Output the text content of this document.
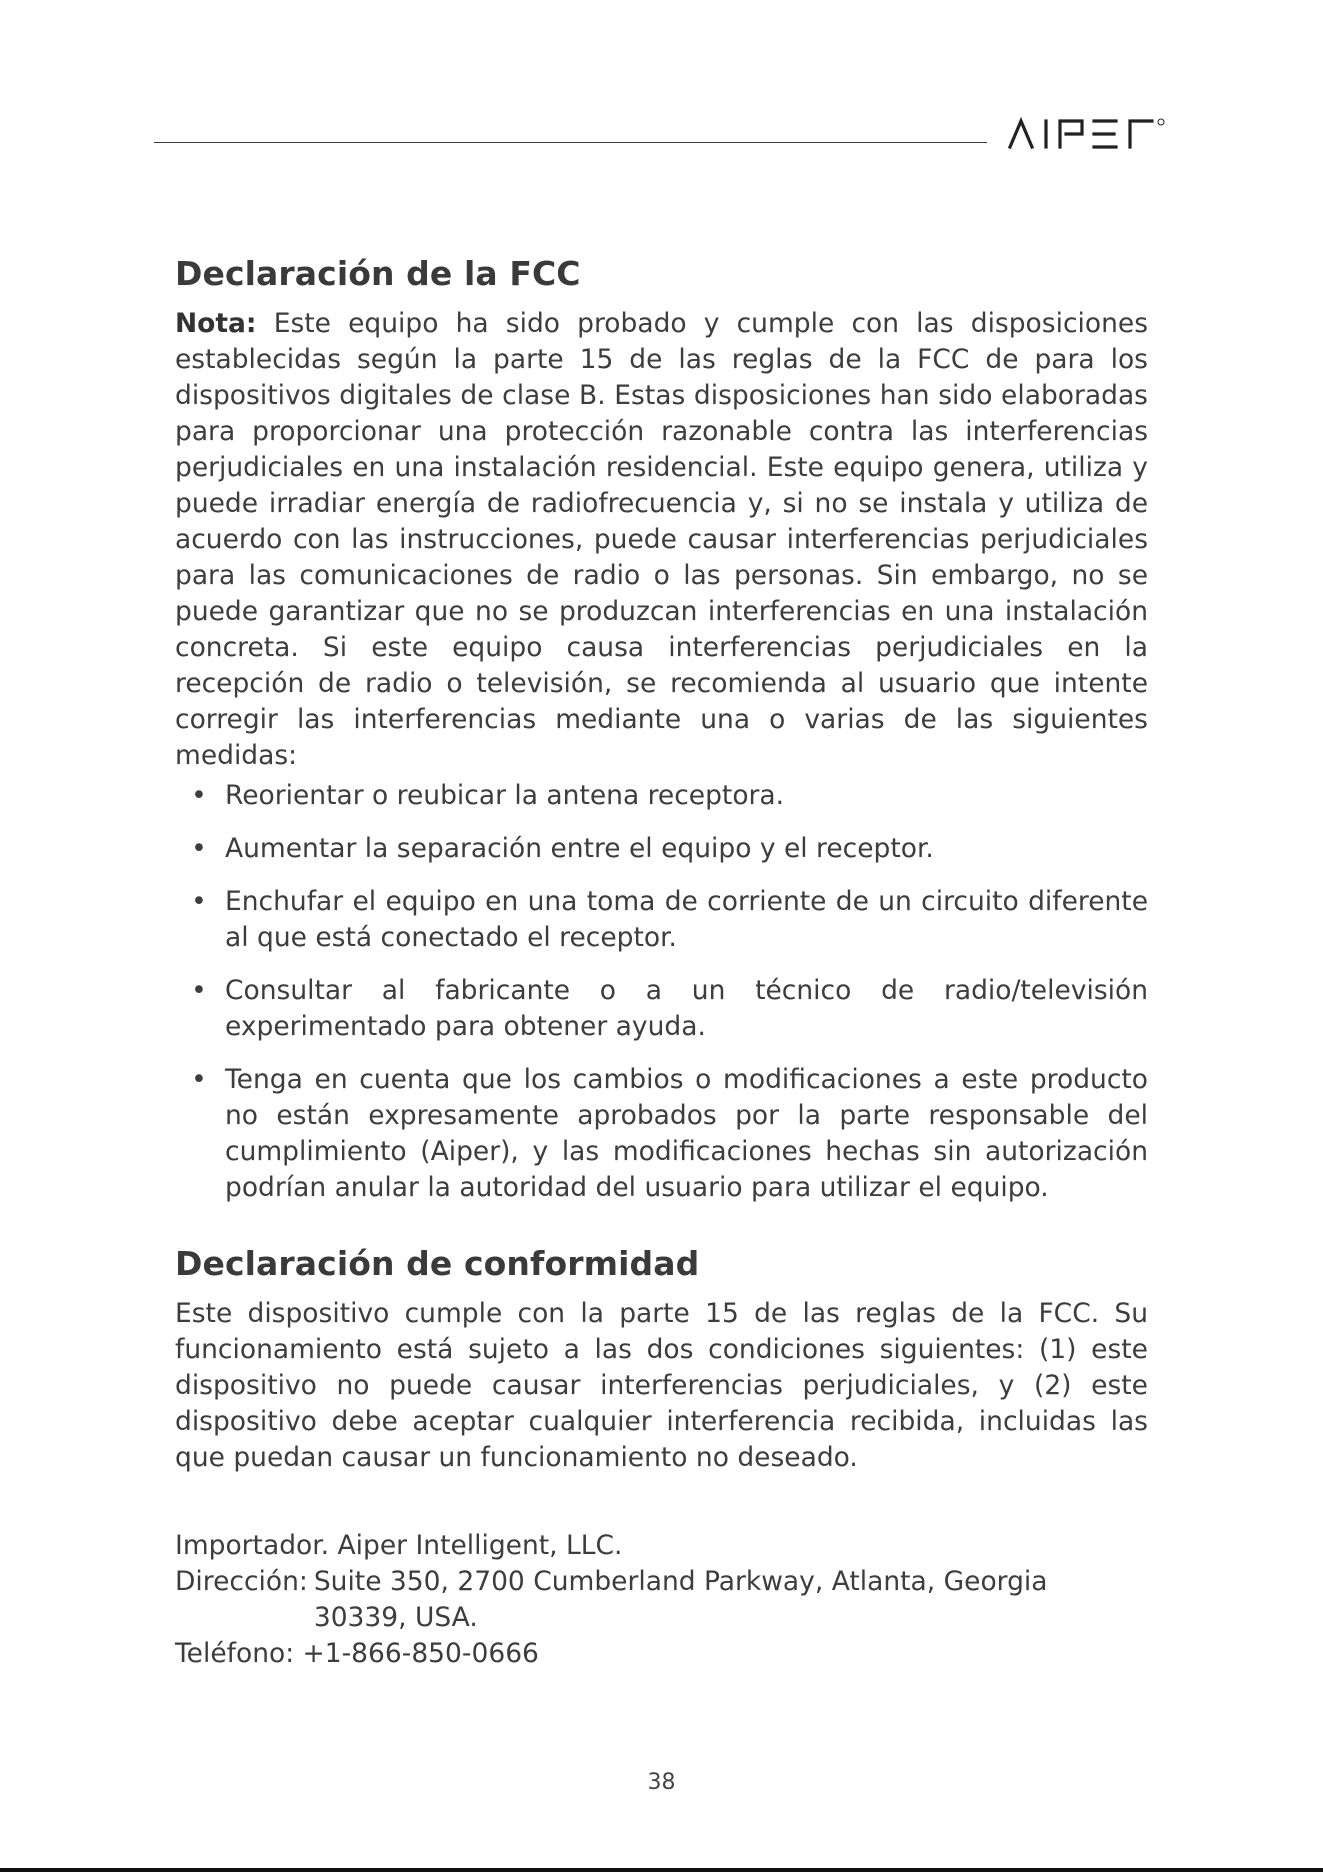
Declaración de la FCC

Nota: Este equipo ha sido probado y cumple con las disposiciones establecidas según la parte 15 de las reglas de la FCC de para los dispositivos digitales de clase B. Estas disposiciones han sido elaboradas para proporcionar una protección razonable contra las interferencias perjudiciales en una instalación residencial. Este equipo genera, utiliza y puede irradiar energía de radiofrecuencia y, si no se instala y utiliza de acuerdo con las instrucciones, puede causar interferencias perjudiciales para las comunicaciones de radio o las personas. Sin embargo, no se puede garantizar que no se produzcan interferencias en una instalación concreta. Si este equipo causa interferencias perjudiciales en la recepción de radio o televisión, se recomienda al usuario que intente corregir las interferencias mediante una o varias de las siguientes medidas:

• Reorientar o reubicar la antena receptora.
• Aumentar la separación entre el equipo y el receptor.
• Enchufar el equipo en una toma de corriente de un circuito diferente al que está conectado el receptor.
• Consultar al fabricante o a un técnico de radio/televisión experimentado para obtener ayuda.
• Tenga en cuenta que los cambios o modificaciones a este producto no están expresamente aprobados por la parte responsable del cumplimiento (Aiper), y las modificaciones hechas sin autorización podrían anular la autoridad del usuario para utilizar el equipo.
Declaración de conformidad

Este dispositivo cumple con la parte 15 de las reglas de la FCC. Su funcionamiento está sujeto a las dos condiciones siguientes: (1) este dispositivo no puede causar interferencias perjudiciales, y (2) este dispositivo debe aceptar cualquier interferencia recibida, incluidas las que puedan causar un funcionamiento no deseado.

Importador. Aiper Intelligent, LLC.
Dirección: Suite 350, 2700 Cumberland Parkway, Atlanta, Georgia
30339, USA.
Teléfono: +1-866-850-0666
38
